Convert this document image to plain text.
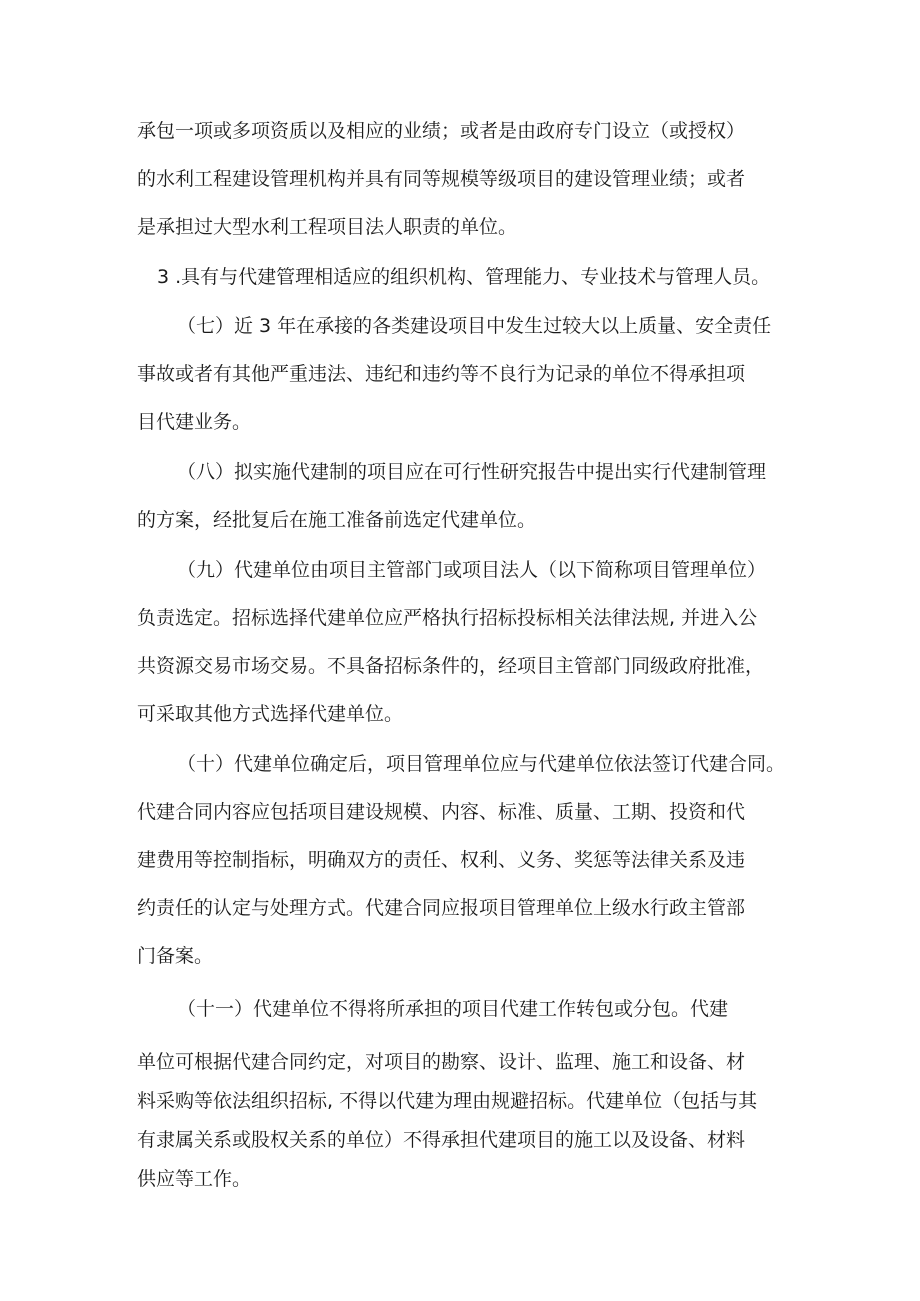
承包一项或多项资质以及相应的业绩；或者是由政府专门设立（或授权）

的水利工程建设管理机构并具有同等规模等级项目的建设管理业绩；或者

是承担过大型水利工程项目法人职责的单位。

3 .具有与代建管理相适应的组织机构、管理能力、专业技术与管理人员。

（七）近 3 年在承接的各类建设项目中发生过较大以上质量、安全责任

事故或者有其他严重违法、违纪和违约等不良行为记录的单位不得承担项

目代建业务。

（八）拟实施代建制的项目应在可行性研究报告中提出实行代建制管理

的方案，经批复后在施工准备前选定代建单位。

（九）代建单位由项目主管部门或项目法人（以下简称项目管理单位）

负责选定。招标选择代建单位应严格执行招标投标相关法律法规, 并进入公

共资源交易市场交易。不具备招标条件的，经项目主管部门同级政府批准，

可采取其他方式选择代建单位。

（十）代建单位确定后，项目管理单位应与代建单位依法签订代建合同。

代建合同内容应包括项目建设规模、内容、标准、质量、工期、投资和代

建费用等控制指标，明确双方的责任、权利、义务、奖惩等法律关系及违

约责任的认定与处理方式。代建合同应报项目管理单位上级水行政主管部

门备案。

（十一）代建单位不得将所承担的项目代建工作转包或分包。代建

单位可根据代建合同约定，对项目的勘察、设计、监理、施工和设备、材

料采购等依法组织招标, 不得以代建为理由规避招标。代建单位（包括与其

有隶属关系或股权关系的单位）不得承担代建项目的施工以及设备、材料

供应等工作。
